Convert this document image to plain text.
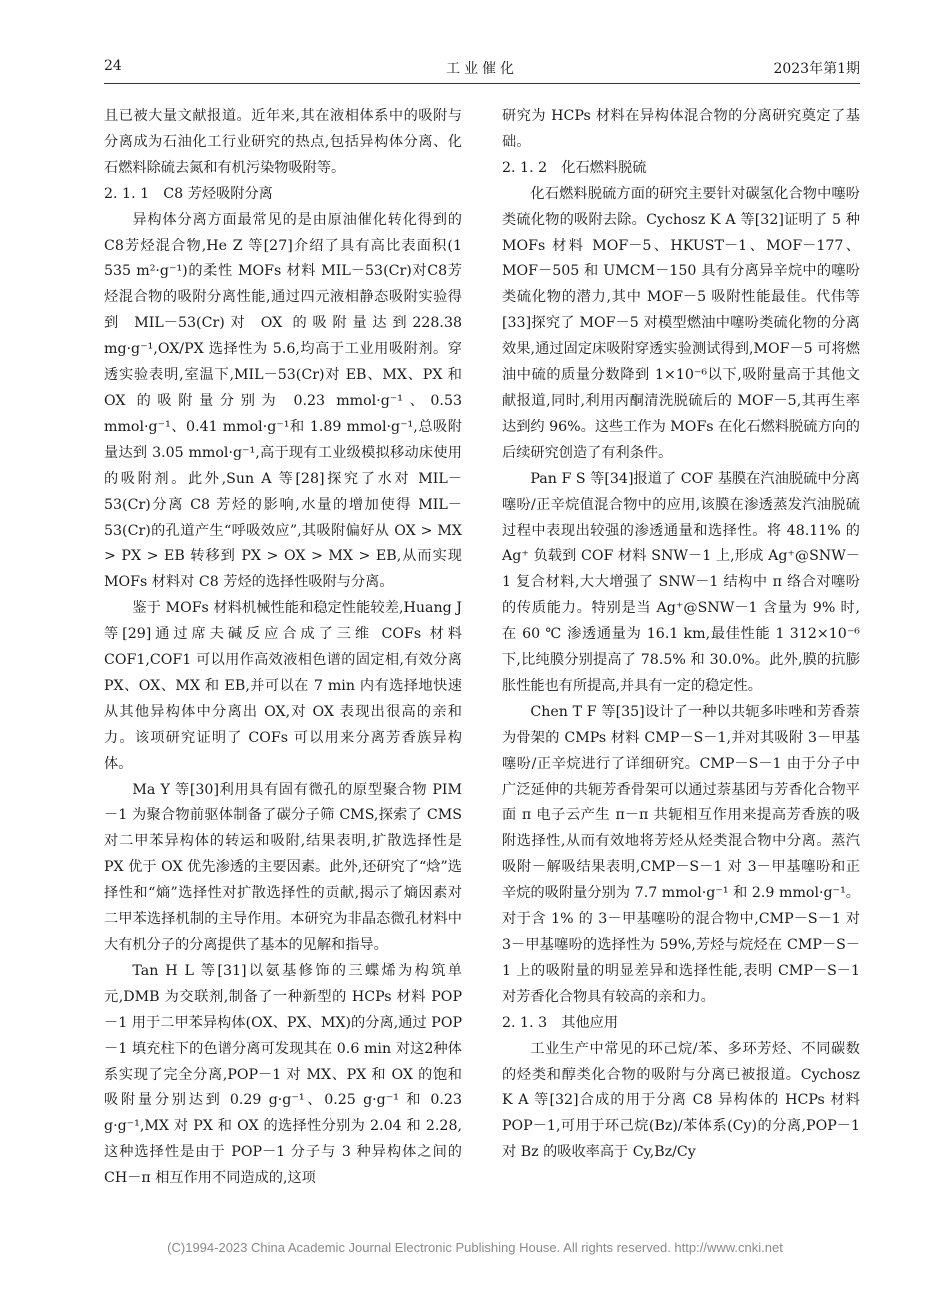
24	工业催化	2023年第1期

且已被大量文献报道。近年来,其在液相体系中的吸附与分离成为石油化工行业研究的热点,包括异构体分离、化石燃料除硫去氮和有机污染物吸附等。

2. 1. 1　C8 芳烃吸附分离

异构体分离方面最常见的是由原油催化转化得到的C8芳烃混合物,He Z 等[27]介绍了具有高比表面积(1 535 m²·g⁻¹)的柔性 MOFs 材料 MIL－53(Cr)对C8芳烃混合物的吸附分离性能,通过四元液相静态吸附实验得到 MIL－53(Cr)对 OX 的吸附量达到228.38 mg·g⁻¹,OX/PX 选择性为 5.6,均高于工业用吸附剂。穿透实验表明,室温下,MIL－53(Cr)对 EB、MX、PX 和 OX 的吸附量分别为 0.23 mmol·g⁻¹、0.53 mmol·g⁻¹、0.41 mmol·g⁻¹和 1.89 mmol·g⁻¹,总吸附量达到 3.05 mmol·g⁻¹,高于现有工业级模拟移动床使用的吸附剂。此外,Sun A 等[28]探究了水对 MIL－53(Cr)分离 C8 芳烃的影响,水量的增加使得 MIL－53(Cr)的孔道产生“呼吸效应”,其吸附偏好从 OX > MX > PX > EB 转移到 PX > OX > MX > EB,从而实现 MOFs 材料对 C8 芳烃的选择性吸附与分离。

鉴于 MOFs 材料机械性能和稳定性能较差,Huang J 等[29]通过席夫碱反应合成了三维 COFs 材料 COF1,COF1 可以用作高效液相色谱的固定相,有效分离 PX、OX、MX 和 EB,并可以在 7 min 内有选择地快速从其他异构体中分离出 OX,对 OX 表现出很高的亲和力。该项研究证明了 COFs 可以用来分离芳香族异构体。

Ma Y 等[30]利用具有固有微孔的原型聚合物 PIM－1 为聚合物前驱体制备了碳分子筛 CMS,探索了 CMS 对二甲苯异构体的转运和吸附,结果表明,扩散选择性是 PX 优于 OX 优先渗透的主要因素。此外,还研究了“焓”选择性和“熵”选择性对扩散选择性的贡献,揭示了熵因素对二甲苯选择机制的主导作用。本研究为非晶态微孔材料中大有机分子的分离提供了基本的见解和指导。

Tan H L 等[31]以氨基修饰的三蝶烯为构筑单元,DMB 为交联剂,制备了一种新型的 HCPs 材料 POP－1 用于二甲苯异构体(OX、PX、MX)的分离,通过 POP－1 填充柱下的色谱分离可发现其在 0.6 min 对这2种体系实现了完全分离,POP－1 对 MX、PX 和 OX 的饱和吸附量分别达到 0.29 g·g⁻¹、0.25 g·g⁻¹ 和 0.23 g·g⁻¹,MX 对 PX 和 OX 的选择性分别为 2.04 和 2.28,这种选择性是由于 POP－1 分子与 3 种异构体之间的 CH－π 相互作用不同造成的,这项

研究为 HCPs 材料在异构体混合物的分离研究奠定了基础。

2. 1. 2　化石燃料脱硫

化石燃料脱硫方面的研究主要针对碳氢化合物中噻吩类硫化物的吸附去除。Cychosz K A 等[32]证明了 5 种 MOFs 材料 MOF－5、HKUST－1、MOF－177、MOF－505 和 UMCM－150 具有分离异辛烷中的噻吩类硫化物的潜力,其中 MOF－5 吸附性能最佳。代伟等[33]探究了 MOF－5 对模型燃油中噻吩类硫化物的分离效果,通过固定床吸附穿透实验测试得到,MOF－5 可将燃油中硫的质量分数降到 1×10⁻⁶以下,吸附量高于其他文献报道,同时,利用丙酮清洗脱硫后的 MOF－5,其再生率达到约 96%。这些工作为 MOFs 在化石燃料脱硫方向的后续研究创造了有利条件。

Pan F S 等[34]报道了 COF 基膜在汽油脱硫中分离噻吩/正辛烷值混合物中的应用,该膜在渗透蒸发汽油脱硫过程中表现出较强的渗透通量和选择性。将 48.11% 的 Ag⁺ 负载到 COF 材料 SNW－1 上,形成 Ag⁺@SNW－1 复合材料,大大增强了 SNW－1 结构中 π 络合对噻吩的传质能力。特别是当 Ag⁺@SNW－1 含量为 9% 时,在 60 ℃ 渗透通量为 16.1 km,最佳性能 1 312×10⁻⁶ 下,比纯膜分别提高了 78.5% 和 30.0%。此外,膜的抗膨胀性能也有所提高,并具有一定的稳定性。

Chen T F 等[35]设计了一种以共轭多咔唑和芳香萘为骨架的 CMPs 材料 CMP－S－1,并对其吸附 3－甲基噻吩/正辛烷进行了详细研究。CMP－S－1 由于分子中广泛延伸的共轭芳香骨架可以通过萘基团与芳香化合物平面 π 电子云产生 π－π 共轭相互作用来提高芳香族的吸附选择性,从而有效地将芳烃从烃类混合物中分离。蒸汽吸附－解吸结果表明,CMP－S－1 对 3－甲基噻吩和正辛烷的吸附量分别为 7.7 mmol·g⁻¹ 和 2.9 mmol·g⁻¹。对于含 1% 的 3－甲基噻吩的混合物中,CMP－S－1 对 3－甲基噻吩的选择性为 59%,芳烃与烷烃在 CMP－S－1 上的吸附量的明显差异和选择性能,表明 CMP－S－1 对芳香化合物具有较高的亲和力。

2. 1. 3　其他应用

工业生产中常见的环己烷/苯、多环芳烃、不同碳数的烃类和醇类化合物的吸附与分离已被报道。Cychosz K A 等[32]合成的用于分离 C8 异构体的 HCPs 材料 POP－1,可用于环己烷(Bz)/苯体系(Cy)的分离,POP－1 对 Bz 的吸收率高于 Cy,Bz/Cy

(C)1994-2023 China Academic Journal Electronic Publishing House. All rights reserved. http://www.cnki.net
